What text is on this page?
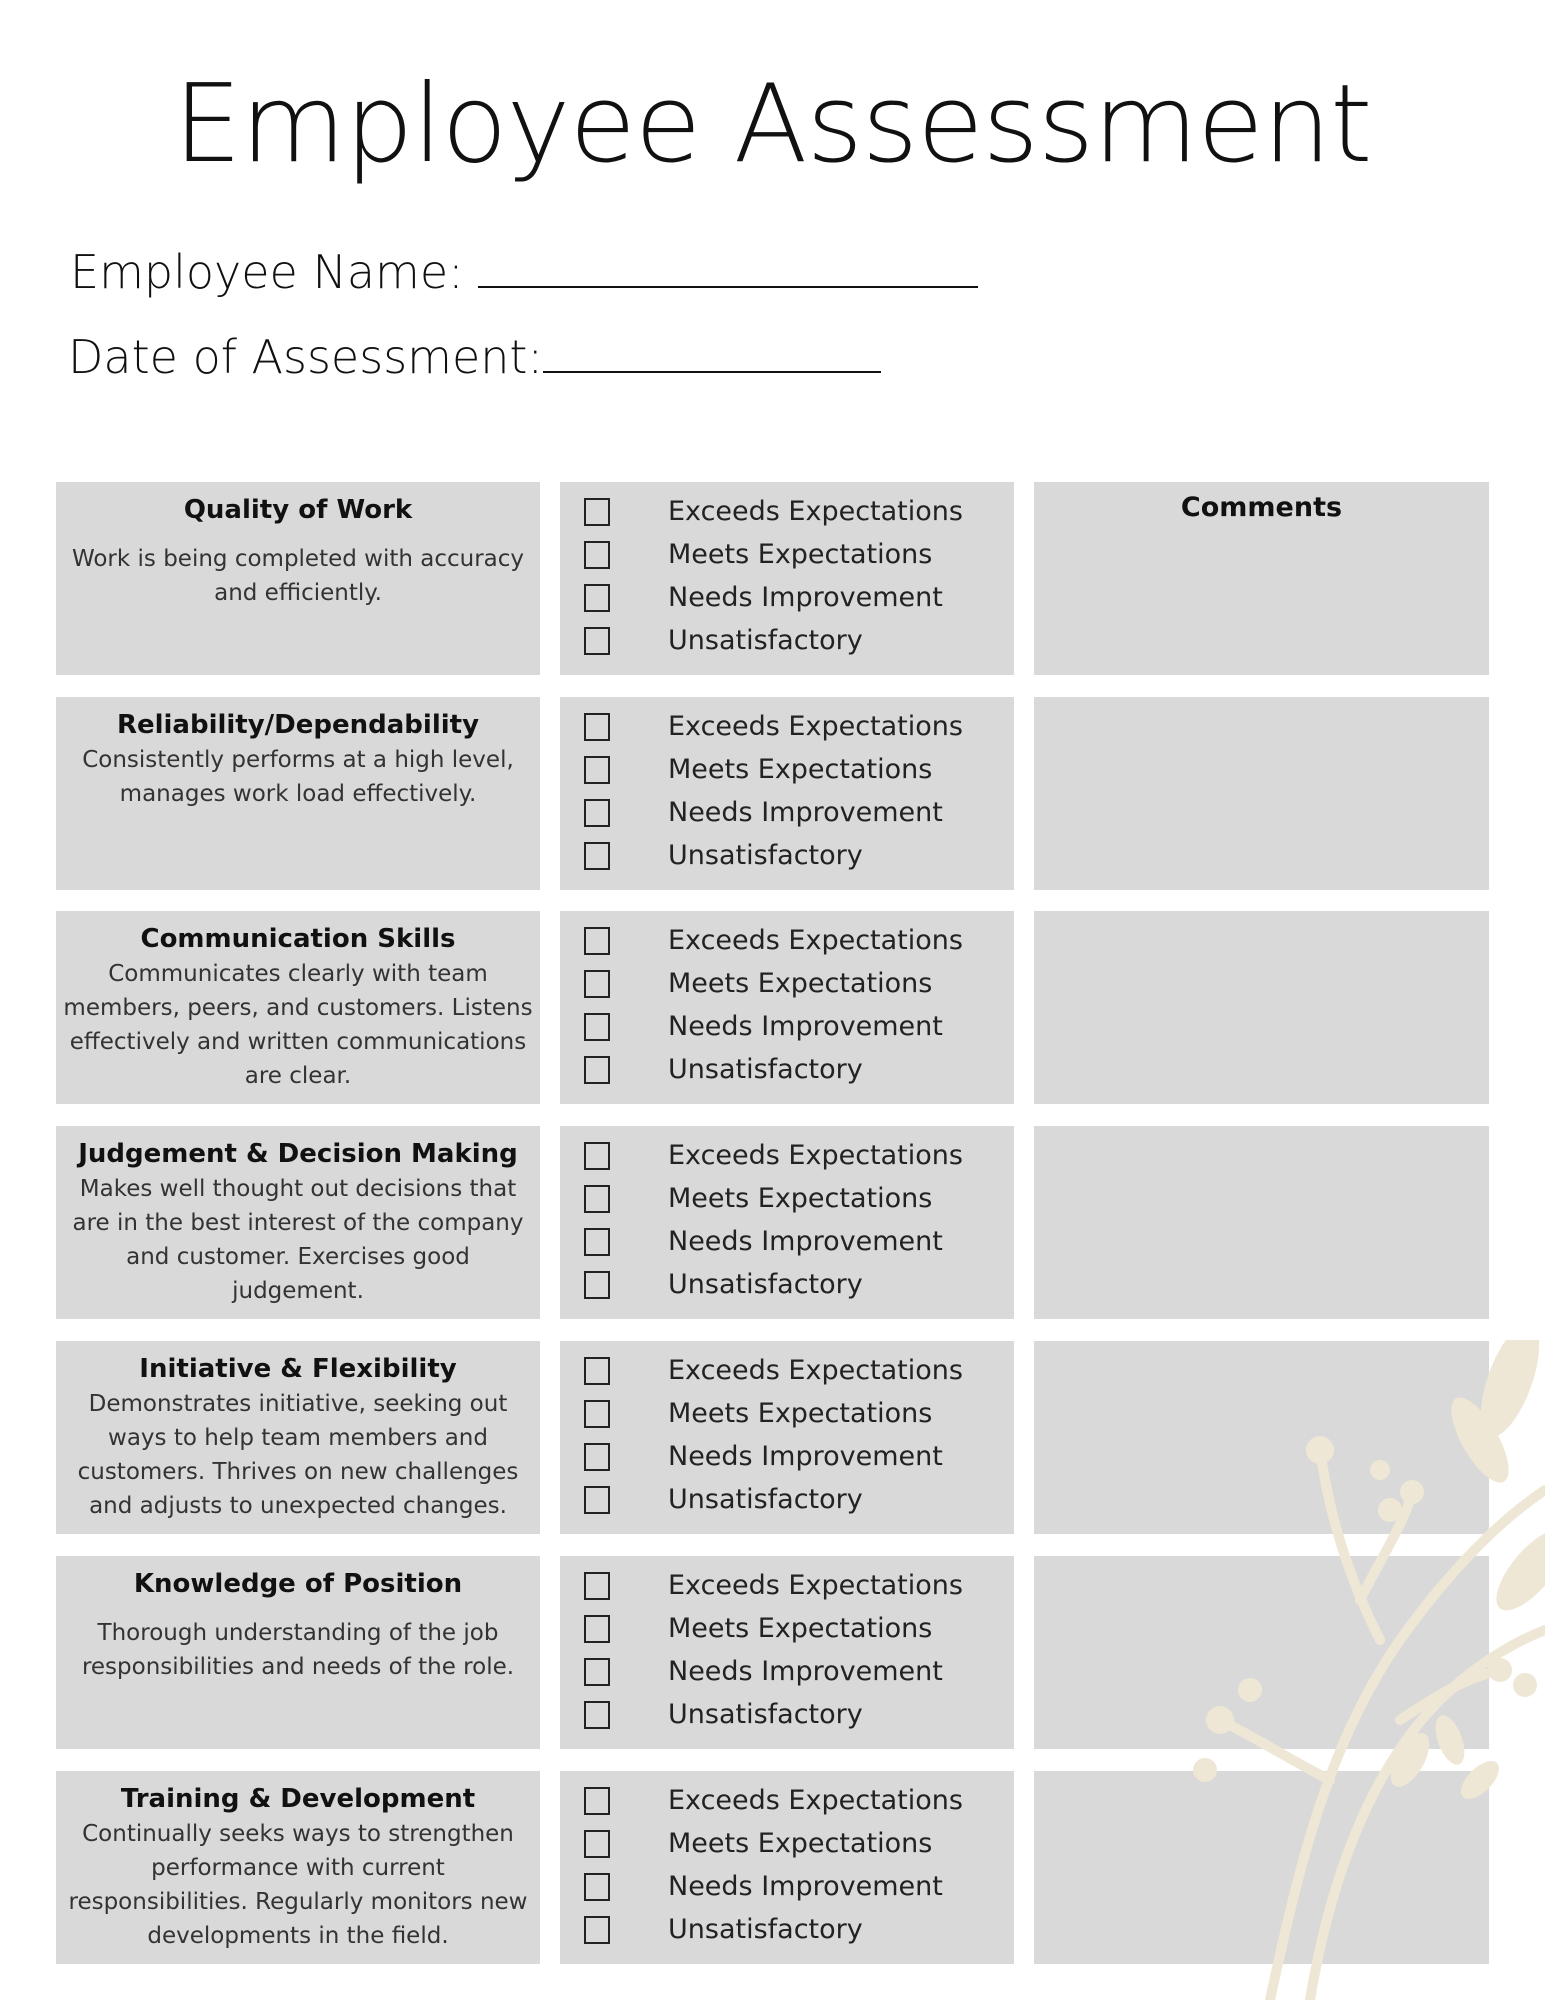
Employee Assessment
Employee Name:
Date of Assessment:
Quality of Work
Work is being completed with accuracy and efficiently.
Exceeds Expectations
Meets Expectations
Needs Improvement
Unsatisfactory
Comments
Reliability/Dependability
Consistently performs at a high level, manages work load effectively.
Exceeds Expectations
Meets Expectations
Needs Improvement
Unsatisfactory
Communication Skills
Communicates clearly with team members, peers, and customers. Listens effectively and written communications are clear.
Exceeds Expectations
Meets Expectations
Needs Improvement
Unsatisfactory
Judgement & Decision Making
Makes well thought out decisions that are in the best interest of the company and customer. Exercises good judgement.
Exceeds Expectations
Meets Expectations
Needs Improvement
Unsatisfactory
Initiative & Flexibility
Demonstrates initiative, seeking out ways to help team members and customers. Thrives on new challenges and adjusts to unexpected changes.
Exceeds Expectations
Meets Expectations
Needs Improvement
Unsatisfactory
Knowledge of Position
Thorough understanding of the job responsibilities and needs of the role.
Exceeds Expectations
Meets Expectations
Needs Improvement
Unsatisfactory
Training & Development
Continually seeks ways to strengthen performance with current responsibilities. Regularly monitors new developments in the field.
Exceeds Expectations
Meets Expectations
Needs Improvement
Unsatisfactory
